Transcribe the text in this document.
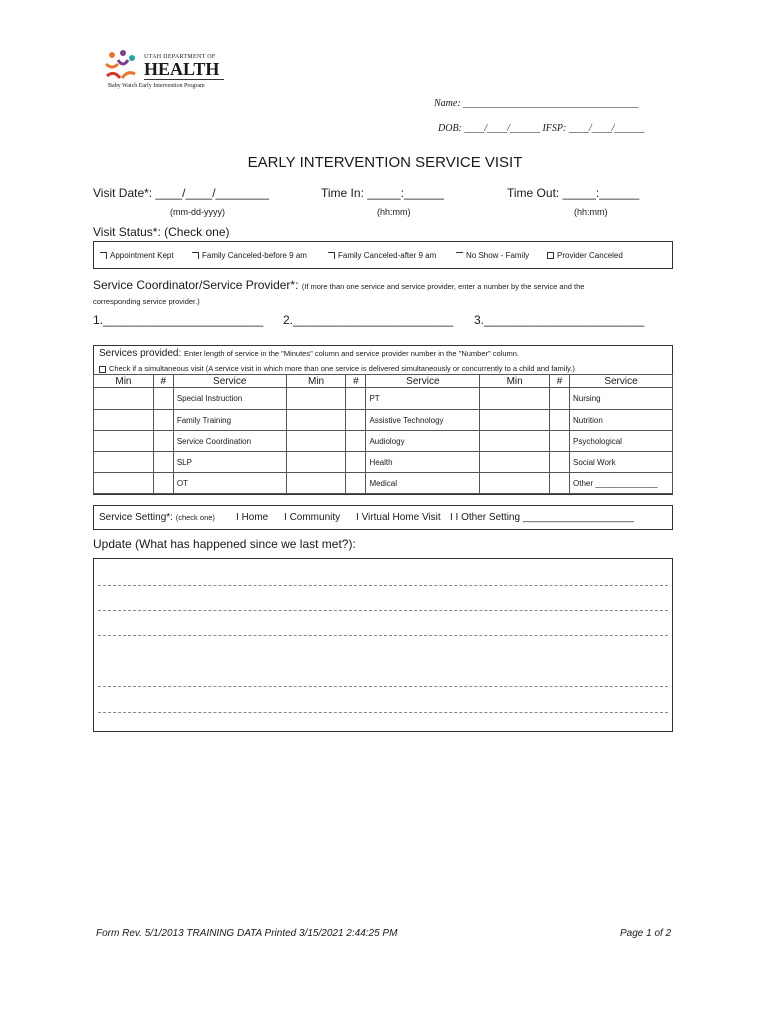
UTAH DEPARTMENT OF
HEALTH
Baby Watch Early Intervention Program
Name: ___________________________________
DOB: ____/____/______ IFSP: ____/____/______
EARLY INTERVENTION SERVICE VISIT
Visit Date*: ____/____/________
(mm-dd-yyyy)
Time In: _____:______
(hh:mm)
Time Out: _____:______
(hh:mm)
Visit Status*: (Check one)
Appointment Kept	Family Canceled-before 9 am	Family Canceled-after 9 am	No Show - Family	Provider Canceled
Service Coordinator/Service Provider*: (If more than one service and service provider, enter a number by the service and the
corresponding service provider.)
1.________________________ 2.________________________ 3.________________________
Services provided: Enter length of service in the "Minutes" column and service provider number in the "Number" column.
Check if a simultaneous visit (A service visit in which more than one service is delivered simultaneously or concurrently to a child and family.)
Min	#	Service	Min	#	Service	Min	#	Service
		Special Instruction			PT			Nursing
		Family Training			Assistive Technology			Nutrition
		Service Coordination			Audiology			Psychological
		SLP			Health			Social Work
		OT			Medical			Other ______________
Service Setting*: (check one) I Home I Community I Virtual Home Visit I I Other Setting ____________________
Update (What has happened since we last met?):
Form Rev. 5/1/2013 TRAINING DATA Printed 3/15/2021 2:44:25 PM	Page 1 of 2
